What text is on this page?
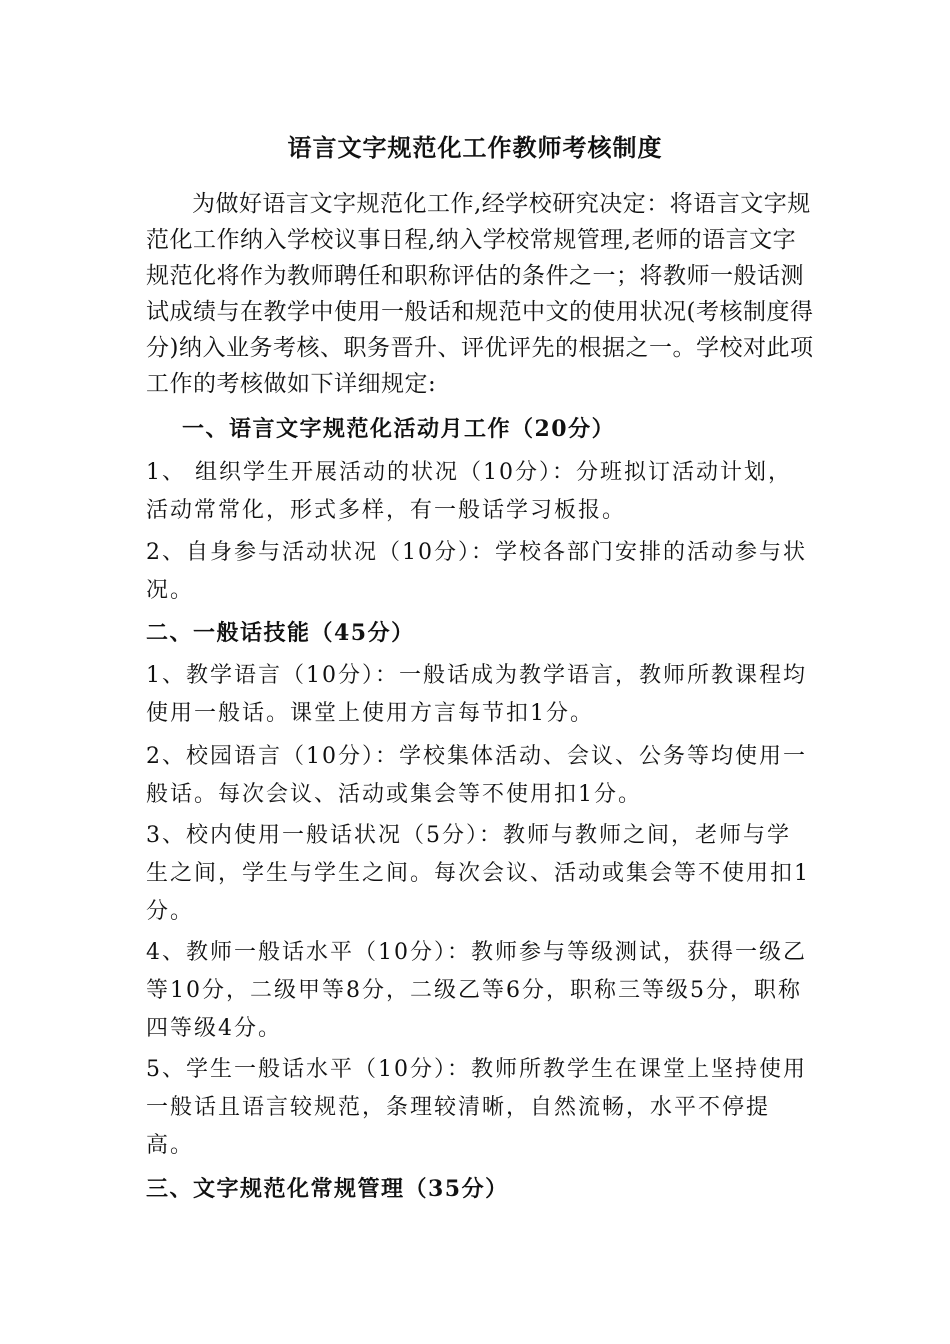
语言文字规范化工作教师考核制度
为做好语言文字规范化工作,经学校研究决定：将语言文字规范化工作纳入学校议事日程,纳入学校常规管理,老师的语言文字规范化将作为教师聘任和职称评估的条件之一；将教师一般话测试成绩与在教学中使用一般话和规范中文的使用状况(考核制度得分)纳入业务考核、职务晋升、评优评先的根据之一。学校对此项工作的考核做如下详细规定:
一、语言文字规范化活动月工作（20分）
1、 组织学生开展活动的状况（10分）：分班拟订活动计划，活动常常化，形式多样，有一般话学习板报。
2、自身参与活动状况（10分）：学校各部门安排的活动参与状况。
二、一般话技能（45分）
1、教学语言（10分）：一般话成为教学语言，教师所教课程均使用一般话。课堂上使用方言每节扣1分。
2、校园语言（10分）：学校集体活动、会议、公务等均使用一般话。每次会议、活动或集会等不使用扣1分。
3、校内使用一般话状况（5分）：教师与教师之间，老师与学生之间，学生与学生之间。每次会议、活动或集会等不使用扣1分。
4、教师一般话水平（10分）：教师参与等级测试，获得一级乙等10分，二级甲等8分，二级乙等6分，职称三等级5分，职称四等级4分。
5、学生一般话水平（10分）：教师所教学生在课堂上坚持使用一般话且语言较规范，条理较清晰，自然流畅，水平不停提高。
三、文字规范化常规管理（35分）
